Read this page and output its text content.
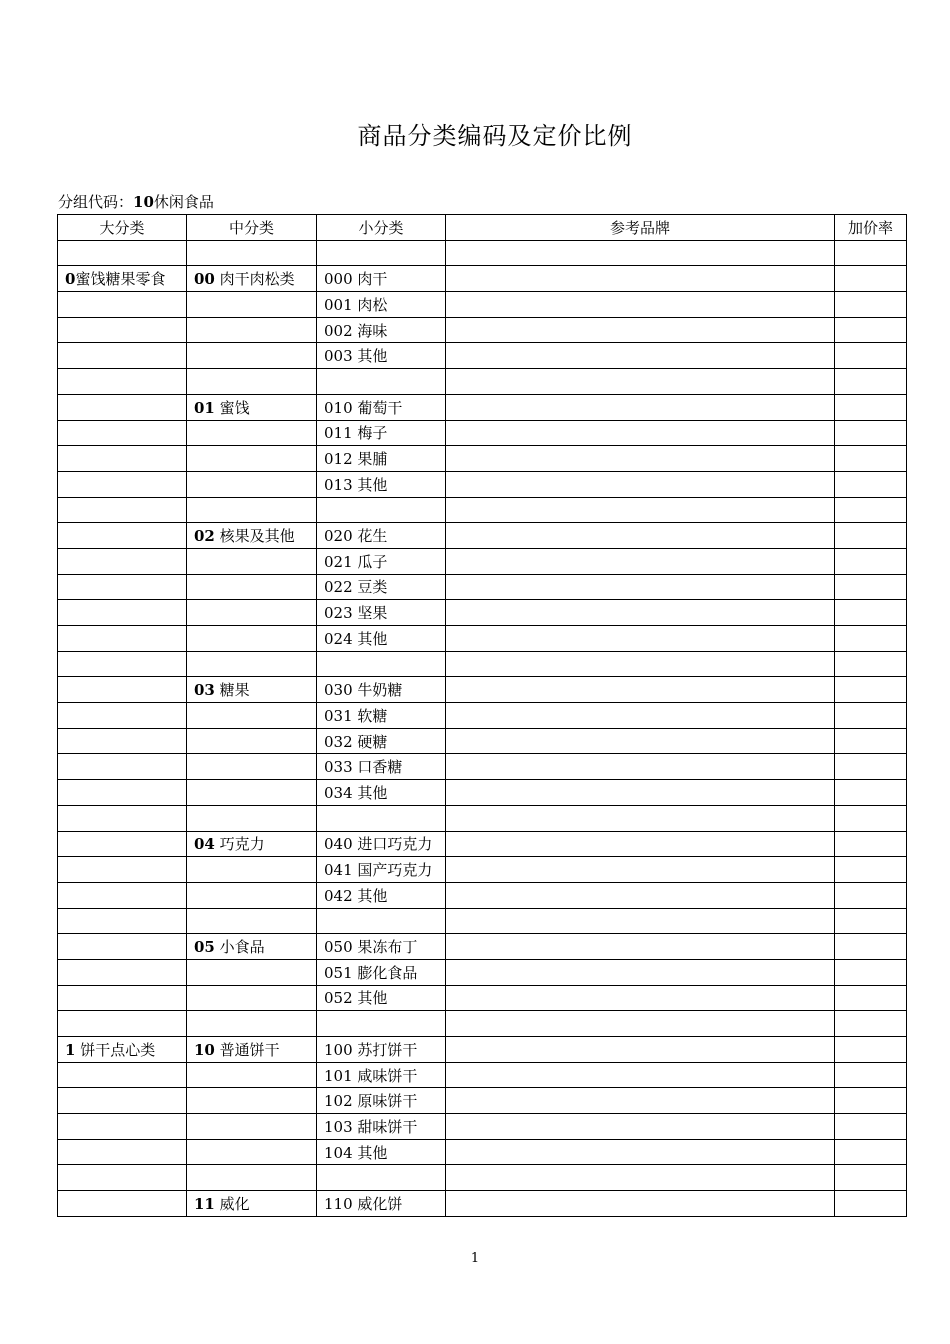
商品分类编码及定价比例
分组代码：10休闲食品
大分类	中分类	小分类	参考品牌	加价率

0蜜饯糖果零食	00 肉干肉松类	000 肉干		
		001 肉松		
		002 海味		
		003 其他		

	01 蜜饯	010 葡萄干		
		011 梅子		
		012 果脯		
		013 其他		

	02 核果及其他	020 花生		
		021 瓜子		
		022 豆类		
		023 坚果		
		024 其他		

	03 糖果	030 牛奶糖		
		031 软糖		
		032 硬糖		
		033 口香糖		
		034 其他		

	04 巧克力	040 进口巧克力		
		041 国产巧克力		
		042 其他		

	05 小食品	050 果冻布丁		
		051 膨化食品		
		052 其他		

1 饼干点心类	10 普通饼干	100 苏打饼干		
		101 咸味饼干		
		102 原味饼干		
		103 甜味饼干		
		104 其他		

	11 威化	110 威化饼		
1
